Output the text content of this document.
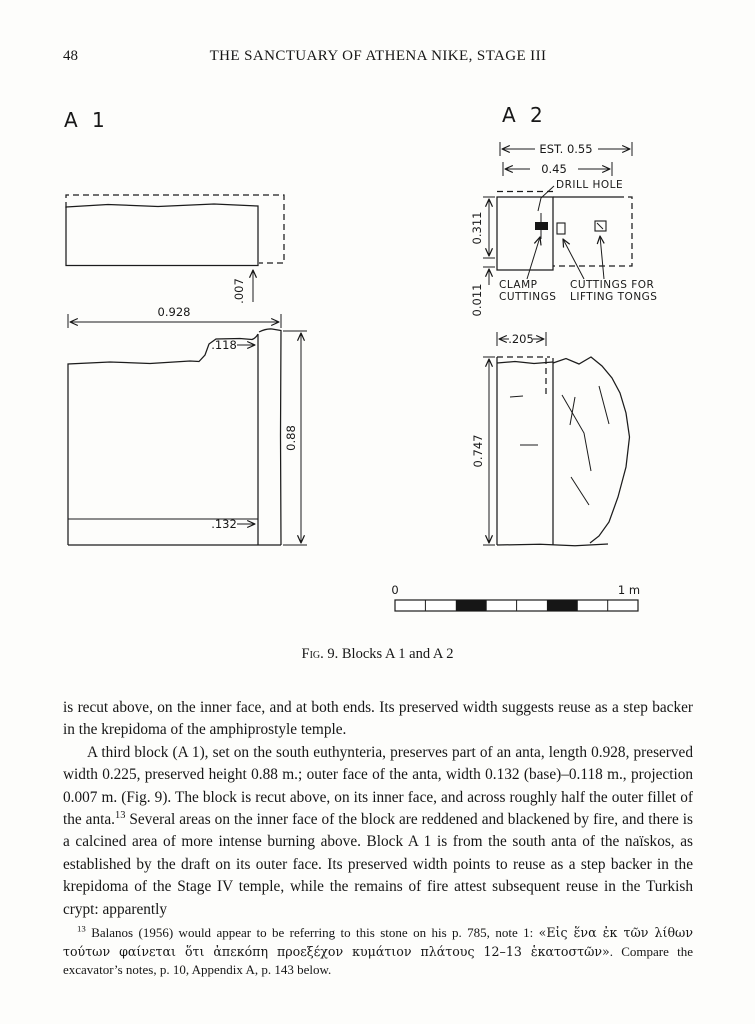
48	THE SANCTUARY OF ATHENA NIKE, STAGE III
A 1
.007
0.928
.118
.132
0.88
A 2
EST. 0.55
0.45
DRILL HOLE
0.311
0.011 CLAMP
CUTTINGS
CUTTINGS FOR
LIFTING TONGS
.205
0.747
0	1 m
Fig. 9. Blocks A 1 and A 2

is recut above, on the inner face, and at both ends. Its preserved width suggests reuse as a step backer in the krepidoma of the amphiprostyle temple.

A third block (A 1), set on the south euthynteria, preserves part of an anta, length 0.928, preserved width 0.225, preserved height 0.88 m.; outer face of the anta, width 0.132 (base)–0.118 m., projection 0.007 m. (Fig. 9). The block is recut above, on its inner face, and across roughly half the outer fillet of the anta.$^{13}$ Several areas on the inner face of the block are reddened and blackened by fire, and there is a calcined area of more intense burning above. Block A 1 is from the south anta of the naïskos, as established by the draft on its outer face. Its preserved width points to reuse as a step backer in the krepidoma of the Stage IV temple, while the remains of fire attest subsequent reuse in the Turkish crypt: apparently

$^{13}$ Balanos (1956) would appear to be referring to this stone on his p. 785, note 1: «Εἰς ἕνα ἐκ τῶν λίθων τούτων φαίνεται ὅτι ἀπεκόπη προεξέχον κυμάτιον πλάτους 12–13 ἑκατοστῶν». Compare the excavator’s notes, p. 10, Appendix A, p. 143 below.
